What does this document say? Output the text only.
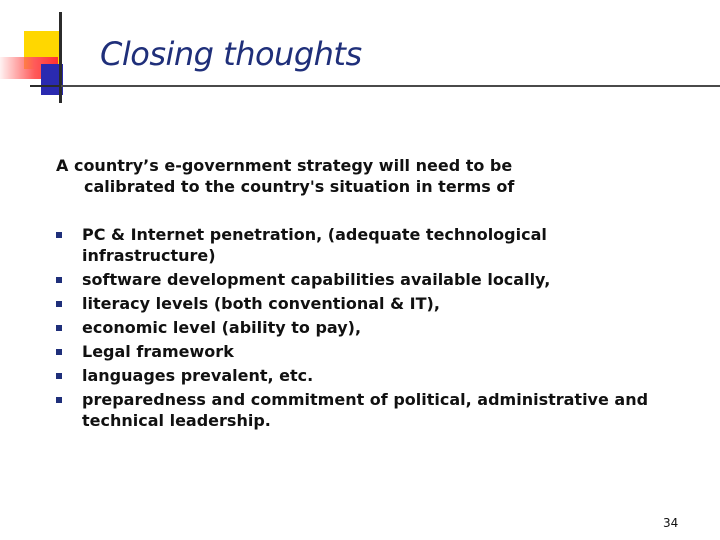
Closing thoughts
A country’s e-government strategy will need to be
calibrated to the country's situation in terms of
PC & Internet penetration, (adequate technological infrastructure)
software development capabilities available locally,
literacy levels (both conventional & IT),
economic level (ability to pay),
Legal framework
languages prevalent, etc.
preparedness and commitment of political, administrative and technical leadership.
34
